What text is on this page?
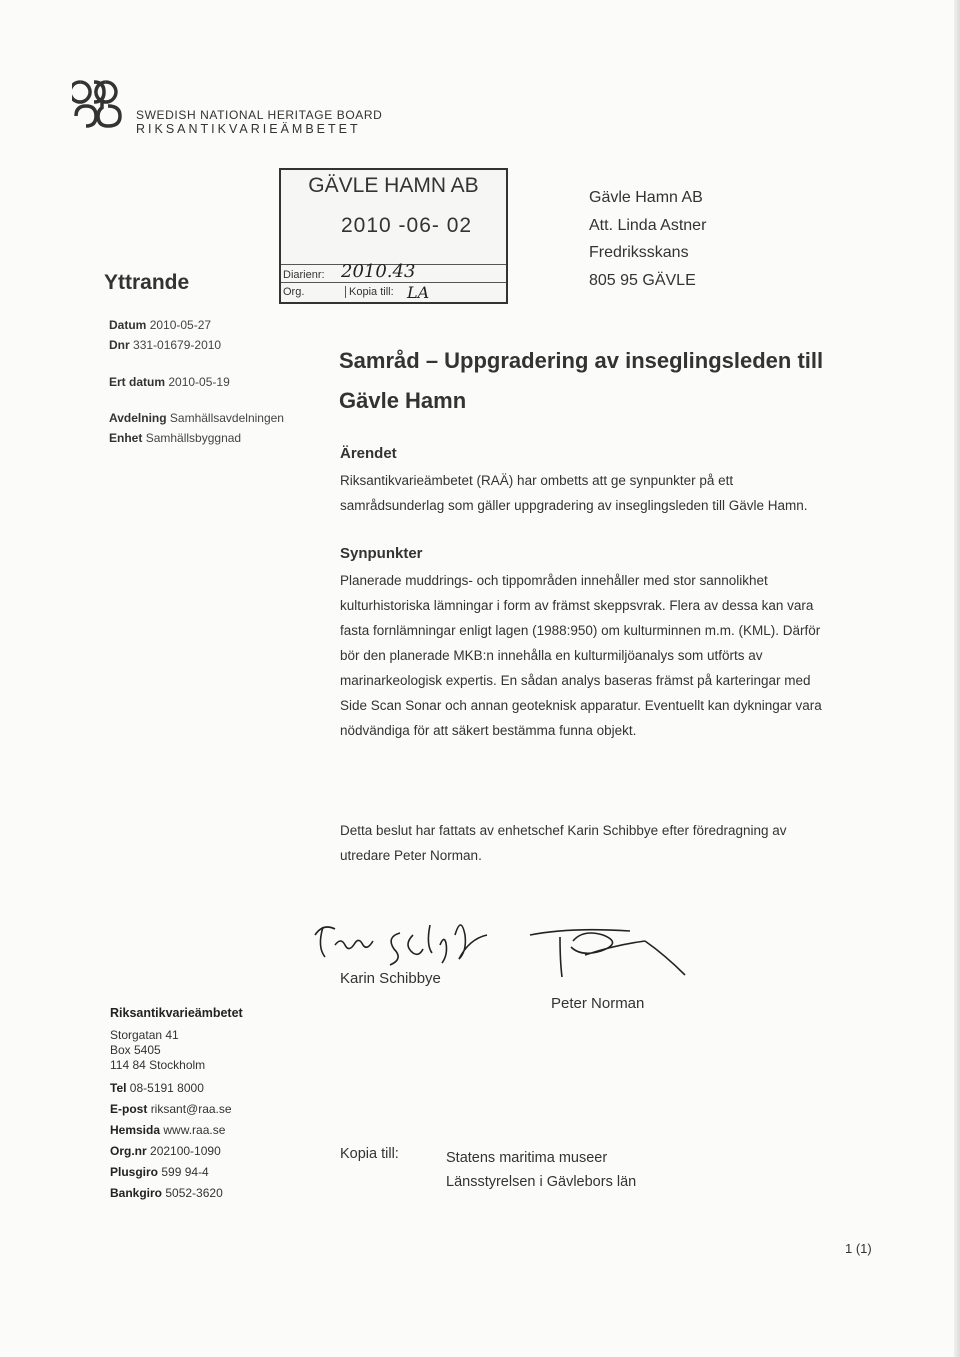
SWEDISH NATIONAL HERITAGE BOARD
RIKSANTIKVARIEÄMBETET
Yttrande
Datum 2010-05-27
Dnr 331-01679-2010
Ert datum 2010-05-19
Avdelning Samhällsavdelningen
Enhet Samhällsbyggnad
GÄVLE HAMN AB
2010 -06- 02
Diarienr: 2010.43
Org.	Kopia till: LA
Gävle Hamn AB
Att. Linda Astner
Fredriksskans
805 95 GÄVLE
Samråd – Uppgradering av inseglingsleden till Gävle Hamn
Ärendet
Riksantikvarieämbetet (RAÄ) har ombetts att ge synpunkter på ett
samrådsunderlag som gäller uppgradering av inseglingsleden till Gävle Hamn.
Synpunkter
Planerade muddrings- och tippområden innehåller med stor sannolikhet
kulturhistoriska lämningar i form av främst skeppsvrak. Flera av dessa kan vara
fasta fornlämningar enligt lagen (1988:950) om kulturminnen m.m. (KML). Därför
bör den planerade MKB:n innehålla en kulturmiljöanalys som utförts av
marinarkeologisk expertis. En sådan analys baseras främst på karteringar med
Side Scan Sonar och annan geoteknisk apparatur. Eventuellt kan dykningar vara
nödvändiga för att säkert bestämma funna objekt.
Detta beslut har fattats av enhetschef Karin Schibbye efter föredragning av
utredare Peter Norman.
Karin Schibbye
Peter Norman
Riksantikvarieämbetet
Storgatan 41
Box 5405
114 84 Stockholm
Tel 08-5191 8000
E-post riksant@raa.se
Hemsida www.raa.se
Org.nr 202100-1090
Plusgiro 599 94-4
Bankgiro 5052-3620
Kopia till:	Statens maritima museer
Länsstyrelsen i Gävlebors län
1 (1)
